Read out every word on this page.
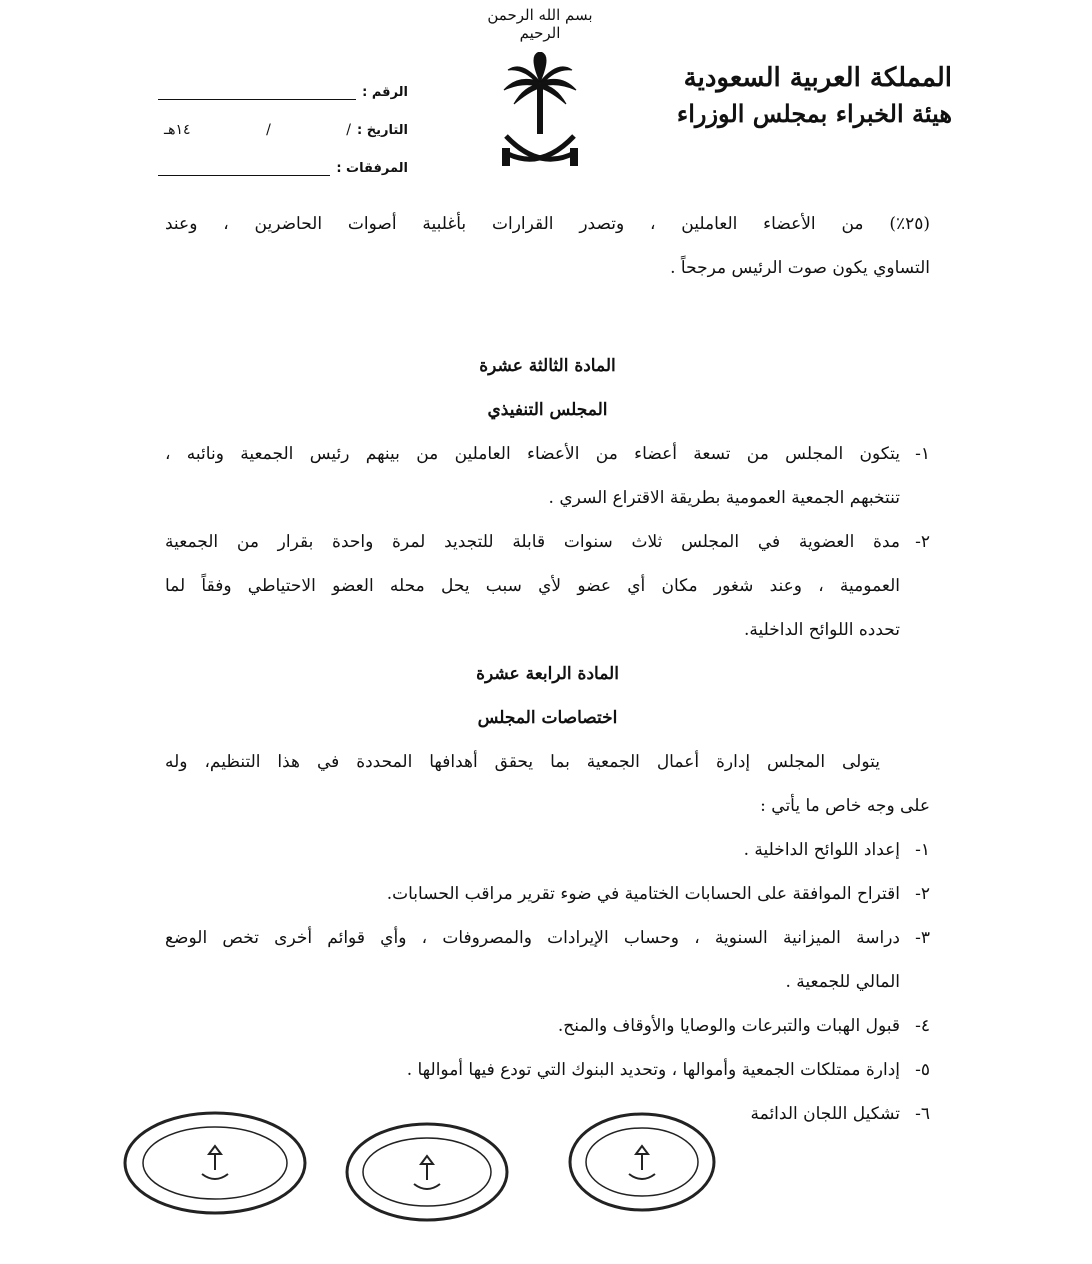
المملكة العربية السعودية
هيئة الخبراء بمجلس الوزراء
بسم الله الرحمن الرحيم
الرقم :
التاريخ :
/
/
١٤هـ
المرفقات :
(٢٥٪) من الأعضاء العاملين ، وتصدر القرارات بأغلبية أصوات الحاضرين ، وعند
التساوي يكون صوت الرئيس مرجحاً .
المادة الثالثة عشرة
المجلس التنفيذي
١-يتكون المجلس من تسعة أعضاء من الأعضاء العاملين من بينهم رئيس الجمعية ونائبه ،
تنتخبهم الجمعية العمومية بطريقة الاقتراع السري .
٢-مدة العضوية في المجلس ثلاث سنوات قابلة للتجديد لمرة واحدة بقرار من الجمعية
العمومية ، وعند شغور مكان أي عضو لأي سبب يحل محله العضو الاحتياطي وفقاً لما
تحدده اللوائح الداخلية.
المادة الرابعة عشرة
اختصاصات المجلس
يتولى المجلس إدارة أعمال الجمعية بما يحقق أهدافها المحددة في هذا التنظيم، وله
على وجه خاص ما يأتي :
١-إعداد اللوائح الداخلية .
٢-اقتراح الموافقة على الحسابات الختامية في ضوء تقرير مراقب الحسابات.
٣-دراسة الميزانية السنوية ، وحساب الإيرادات والمصروفات ، وأي قوائم أخرى تخص الوضع
المالي للجمعية .
٤-قبول الهبات والتبرعات والوصايا والأوقاف والمنح.
٥-إدارة ممتلكات الجمعية وأموالها ، وتحديد البنوك التي تودع فيها أموالها .
٦-تشكيل اللجان الدائمة
